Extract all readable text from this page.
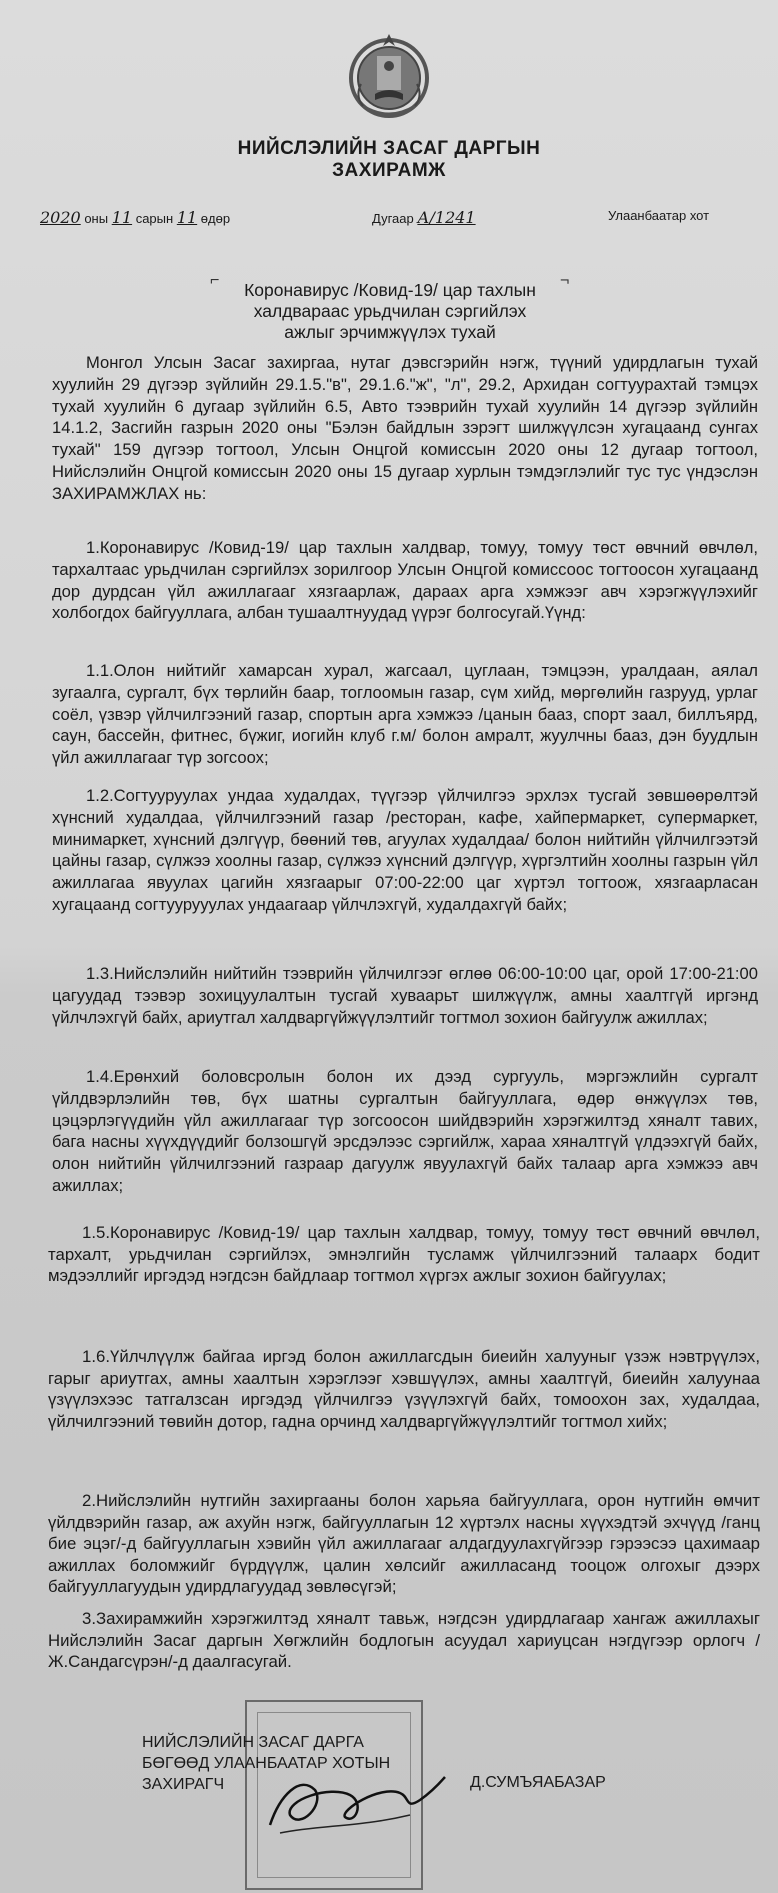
НИЙСЛЭЛИЙН ЗАСАГ ДАРГЫН
ЗАХИРАМЖ
2020 оны 11 сарын 11 өдөр	Дугаар А/1241	Улаанбаатар хот
⌐	¬
Коронавирус /Ковид-19/ цар тахлын
халдвараас урьдчилан сэргийлэх
ажлыг эрчимжүүлэх тухай
Монгол Улсын Засаг захиргаа, нутаг дэвсгэрийн нэгж, түүний удирдлагын тухай хуулийн 29 дүгээр зүйлийн 29.1.5."в", 29.1.6."ж", "л", 29.2, Архидан согтуурахтай тэмцэх тухай хуулийн 6 дугаар зүйлийн 6.5, Авто тээврийн тухай хуулийн 14 дүгээр зүйлийн 14.1.2, Засгийн газрын 2020 оны "Бэлэн байдлын зэрэгт шилжүүлсэн хугацаанд сунгах тухай" 159 дүгээр тогтоол, Улсын Онцгой комиссын 2020 оны 12 дугаар тогтоол, Нийслэлийн Онцгой комиссын 2020 оны 15 дугаар хурлын тэмдэглэлийг тус тус үндэслэн ЗАХИРАМЖЛАХ нь:
1.Коронавирус /Ковид-19/ цар тахлын халдвар, томуу, томуу төст өвчний өвчлөл, тархалтаас урьдчилан сэргийлэх зорилгоор Улсын Онцгой комиссоос тогтоосон хугацаанд дор дурдсан үйл ажиллагааг хязгаарлаж, дараах арга хэмжээг авч хэрэгжүүлэхийг холбогдох байгууллага, албан тушаалтнуудад үүрэг болгосугай.Үүнд:
1.1.Олон нийтийг хамарсан хурал, жагсаал, цуглаан, тэмцээн, уралдаан, аялал зугаалга, сургалт, бүх төрлийн баар, тоглоомын газар, сүм хийд, мөргөлийн газрууд, урлаг соёл, үзвэр үйлчилгээний газар, спортын арга хэмжээ /цанын бааз, спорт заал, биллъярд, саун, бассейн, фитнес, бүжиг, иогийн клуб г.м/ болон амралт, жуулчны бааз, дэн буудлын үйл ажиллагааг түр зогсоох;
1.2.Согтууруулах ундаа худалдах, түүгээр үйлчилгээ эрхлэх тусгай зөвшөөрөлтэй хүнсний худалдаа, үйлчилгээний газар /ресторан, кафе, хайпермаркет, супермаркет, минимаркет, хүнсний дэлгүүр, бөөний төв, агуулах худалдаа/ болон нийтийн үйлчилгээтэй цайны газар, сүлжээ хоолны газар, сүлжээ хүнсний дэлгүүр, хүргэлтийн хоолны газрын үйл ажиллагаа явуулах цагийн хязгаарыг 07:00-22:00 цаг хүртэл тогтоож, хязгаарласан хугацаанд согтуурууулах ундаагаар үйлчлэхгүй, худалдахгүй байх;
1.3.Нийслэлийн нийтийн тээврийн үйлчилгээг өглөө 06:00-10:00 цаг, орой 17:00-21:00 цагуудад тээвэр зохицуулалтын тусгай хуваарьт шилжүүлж, амны хаалтгүй иргэнд үйлчлэхгүй байх, ариутгал халдваргүйжүүлэлтийг тогтмол зохион байгуулж ажиллах;
1.4.Ерөнхий боловсролын болон их дээд сургууль, мэргэжлийн сургалт үйлдвэрлэлийн төв, бүх шатны сургалтын байгууллага, өдөр өнжүүлэх төв, цэцэрлэгүүдийн үйл ажиллагааг түр зогсоосон шийдвэрийн хэрэгжилтэд хяналт тавих, бага насны хүүхдүүдийг болзошгүй эрсдэлээс сэргийлж, хараа хяналтгүй үлдээхгүй байх, олон нийтийн үйлчилгээний газраар дагуулж явуулахгүй байх талаар арга хэмжээ авч ажиллах;
1.5.Коронавирус /Ковид-19/ цар тахлын халдвар, томуу, томуу төст өвчний өвчлөл, тархалт, урьдчилан сэргийлэх, эмнэлгийн тусламж үйлчилгээний талаарх бодит мэдээллийг иргэдэд нэгдсэн байдлаар тогтмол хүргэх ажлыг зохион байгуулах;
1.6.Үйлчлүүлж байгаа иргэд болон ажиллагсдын биеийн халууныг үзэж нэвтрүүлэх, гарыг ариутгах, амны хаалтын хэрэглээг хэвшүүлэх, амны хаалтгүй, биеийн халуунаа үзүүлэхээс татгалзсан иргэдэд үйлчилгээ үзүүлэхгүй байх, томоохон зах, худалдаа, үйлчилгээний төвийн дотор, гадна орчинд халдваргүйжүүлэлтийг тогтмол хийх;
2.Нийслэлийн нутгийн захиргааны болон харьяа байгууллага, орон нутгийн өмчит үйлдвэрийн газар, аж ахуйн нэгж, байгууллагын 12 хүртэлх насны хүүхэдтэй эхчүүд /ганц бие эцэг/-д байгууллагын хэвийн үйл ажиллагааг алдагдуулахгүйгээр гэрээсээ цахимаар ажиллах боломжийг бүрдүүлж, цалин хөлсийг ажилласанд тооцож олгохыг дээрх байгууллагуудын удирдлагуудад зөвлөсүгэй;
3.Захирамжийн хэрэгжилтэд хяналт тавьж, нэгдсэн удирдлагаар хангаж ажиллахыг Нийслэлийн Засаг даргын Хөгжлийн бодлогын асуудал хариуцсан нэгдүгээр орлогч /Ж.Сандагсүрэн/-д даалгасугай.
НИЙСЛЭЛИЙН ЗАСАГ ДАРГА
БӨГӨӨД УЛААНБААТАР ХОТЫН
ЗАХИРАГЧ	Д.СУМЪЯАБАЗАР
